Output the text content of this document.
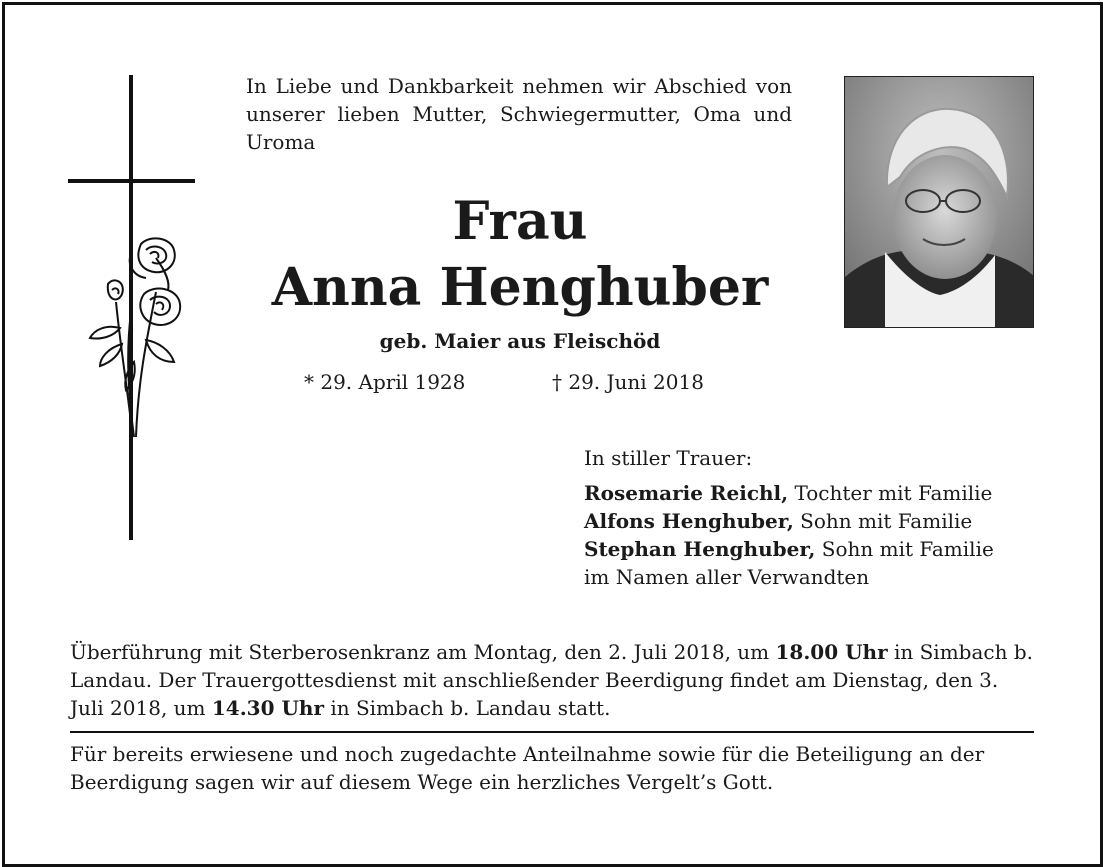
In Liebe und Dankbarkeit nehmen wir Abschied von unserer lieben Mutter, Schwiegermutter, Oma und Uroma
Frau
Anna Henghuber
geb. Maier aus Fleischöd
* 29. April 1928	† 29. Juni 2018
In stiller Trauer:
Rosemarie Reichl, Tochter mit Familie
Alfons Henghuber, Sohn mit Familie
Stephan Henghuber, Sohn mit Familie
im Namen aller Verwandten
Überführung mit Sterberosenkranz am Montag, den 2. Juli 2018, um 18.00 Uhr in Simbach b. Landau. Der Trauergottesdienst mit anschließender Beerdigung findet am Dienstag, den 3. Juli 2018, um 14.30 Uhr in Simbach b. Landau statt.
Für bereits erwiesene und noch zugedachte Anteilnahme sowie für die Beteiligung an der Beerdigung sagen wir auf diesem Wege ein herzliches Vergelt’s Gott.
